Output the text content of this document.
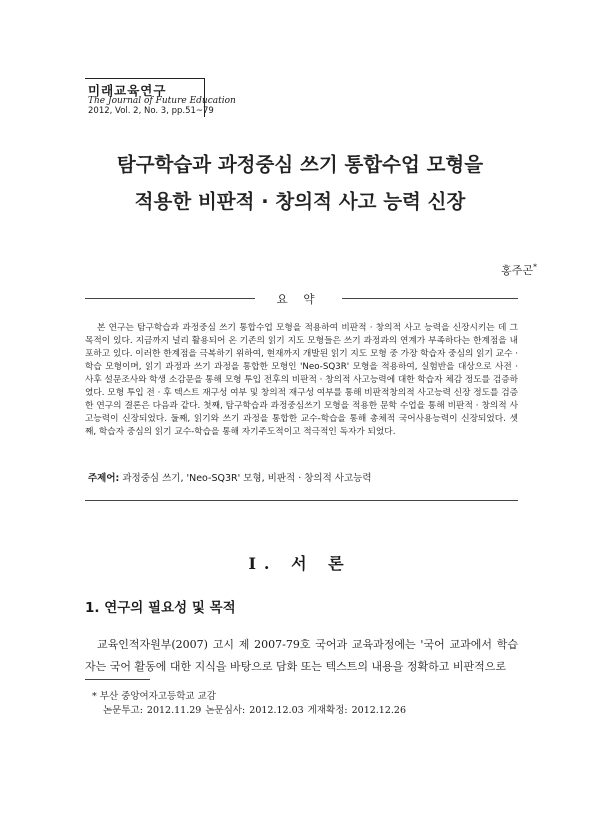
미래교육연구
The Journal of Future Education
2012, Vol. 2, No. 3, pp.51~79
탐구학습과 과정중심 쓰기 통합수업 모형을
적용한 비판적 · 창의적 사고 능력 신장
홍주곤*
요 약
본 연구는 탐구학습과 과정중심 쓰기 통합수업 모형을 적용하여 비판적 · 창의적 사고 능력을 신장시키는 데 그 목적이 있다. 지금까지 널리 활용되어 온 기존의 읽기 지도 모형들은 쓰기 과정과의 연계가 부족하다는 한계점을 내포하고 있다. 이러한 한계점을 극복하기 위하여, 현재까지 개발된 읽기 지도 모형 중 가장 학습자 중심의 읽기 교수 · 학습 모형이며, 읽기 과정과 쓰기 과정을 통합한 모형인 'Neo-SQ3R' 모형을 적용하여, 실험반을 대상으로 사전 · 사후 설문조사와 학생 소감문을 통해 모형 투입 전후의 비판적 · 창의적 사고능력에 대한 학습자 체감 정도를 검증하였다. 모형 투입 전 · 후 텍스트 재구성 여부 및 창의적 재구성 여부를 통해 비판적창의적 사고능력 신장 정도를 검증한 연구의 결론은 다음과 같다. 첫째, 탐구학습과 과정중심쓰기 모형을 적용한 문학 수업을 통해 비판적 · 창의적 사고능력이 신장되었다. 둘째, 읽기와 쓰기 과정을 통합한 교수-학습을 통해 총체적 국어사용능력이 신장되었다. 셋째, 학습자 중심의 읽기 교수-학습을 통해 자기주도적이고 적극적인 독자가 되었다.
주제어: 과정중심 쓰기, 'Neo-SQ3R' 모형, 비판적 · 창의적 사고능력
Ⅰ. 서 론
1. 연구의 필요성 및 목적
교육인적자원부(2007) 고시 제 2007-79호 국어과 교육과정에는 '국어 교과에서 학습자는 국어 활동에 대한 지식을 바탕으로 담화 또는 텍스트의 내용을 정확하고 비판적으로
* 부산 중앙여자고등학교 교감
논문투고: 2012.11.29 논문심사: 2012.12.03 게재확정: 2012.12.26
